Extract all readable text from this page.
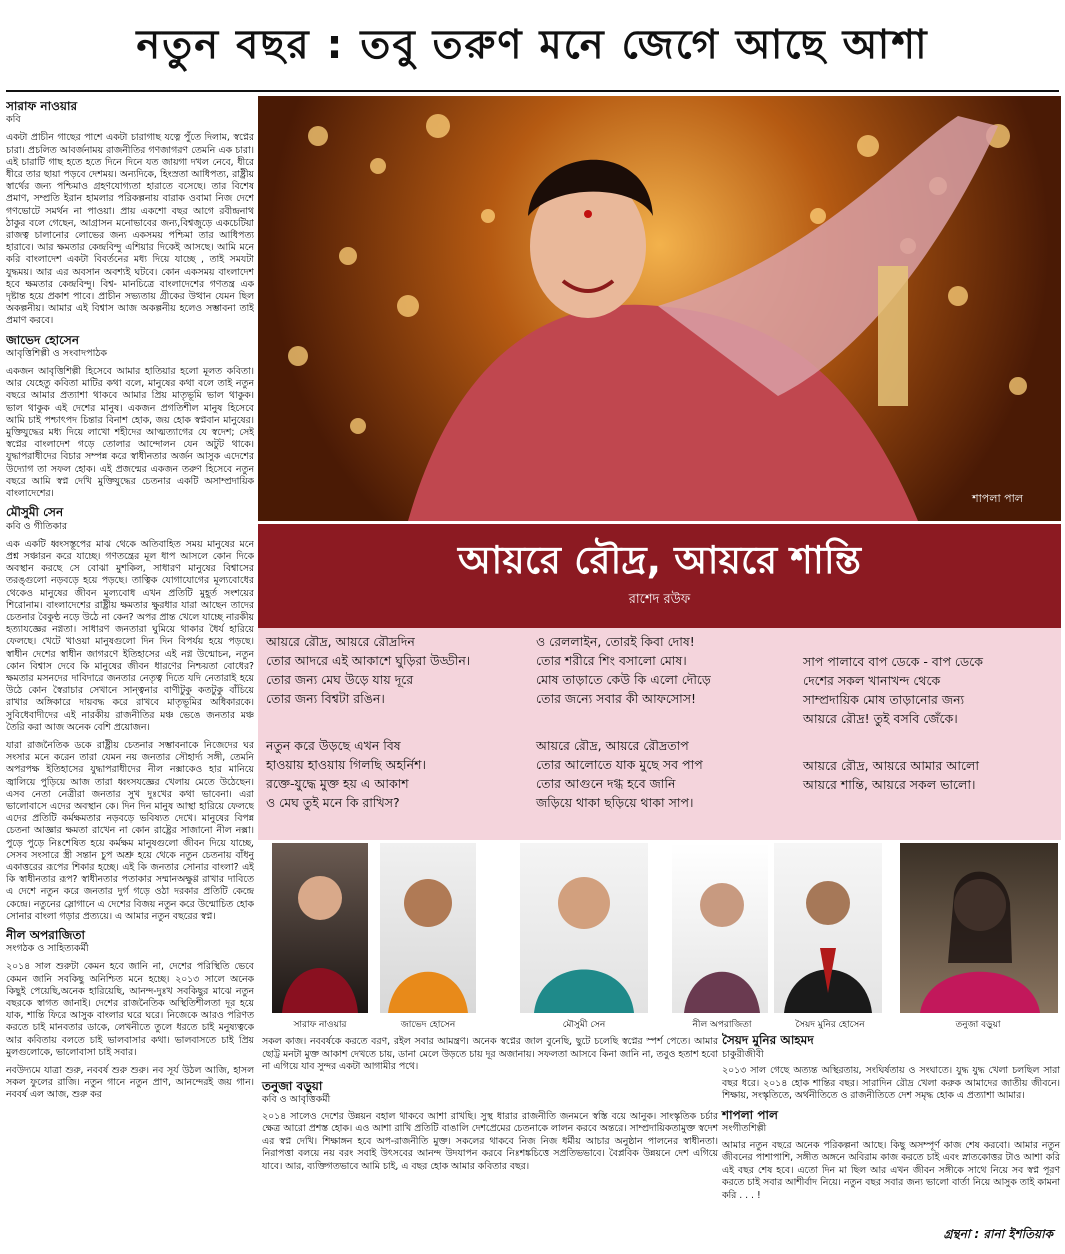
নতুন বছর : তবু তরুণ মনে জেগে আছে আশা
সারাফ নাওয়ার
কবি

একটা প্রাচীন গাছের পাশে একটা চারাগাছ যত্নে পুঁতে দিলাম, স্বপ্নের চারা। প্রচলিত আবর্জনাময় রাজনীতির গণজাগরণ তেমনি এক চারা। এই চারাটি গাছ হতে হতে দিনে দিনে যত জায়গা দখল নেবে, ধীরে ধীরে তার ছায়া পড়বে দেশময়। অন্যদিকে, হিংস্রতা আধিপত্য, রাষ্ট্রীয় স্বার্থের জন্য পশ্চিমাও গ্রহণযোগ্যতা হারাতে বসেছে। তার বিশেষ প্রমাণ, সম্প্রতি ইরান হামলার পরিকল্পনায় বারাক ওবামা নিজ দেশে গণভোটে সমর্থন না পাওয়া। প্রায় একশো বছর আগে রবীন্দ্রনাথ ঠাকুর বলে গেছেন, আগ্রাসন মনোভাবের জন্য,বিশ্বজুড়ে একচেটিয়া রাজত্ব চালানোর লোভের জন্য একসময় পশ্চিমা তার আধিপত্য হারাবে। আর ক্ষমতার কেন্দ্রবিন্দু এশিয়ার দিকেই আসছে। আমি মনে করি বাংলাদেশ একটা বিবর্তনের মধ্য দিয়ে যাচ্ছে , তাই সমযটা যুদ্ধময়। আর এর অবসান অবশ্যই ঘটবে। কোন একসময় বাংলাদেশ হবে ক্ষমতার কেন্দ্রবিন্দু। বিশ্ব- মানচিত্রে বাংলাদেশের গণতন্ত্র এক দৃষ্টান্ত হয়ে প্রকাশ পাবে। প্রাচীন সভ্যতায় গ্রীকের উত্থান যেমন ছিল অকল্পনীয়। আমার এই বিশ্বাস আজ অকল্পনীয় হলেও সম্ভাবনা তাই প্রমাণ করবে।

জাভেদ হোসেন
আবৃত্তিশিল্পী ও সংবাদপাঠক

একজন আবৃত্তিশিল্পী হিসেবে আমার হাতিয়ার হলো মূলত কবিতা। আর যেহেতু কবিতা মাটির কথা বলে, মানুষের কথা বলে তাই নতুন বছরে আমার প্রত্যাশা থাকবে আমার প্রিয় মাতৃভূমি ভাল থাকুক। ভাল থাকুক এই দেশের মানুষ। একজন প্রগতিশীল মানুষ হিসেবে আমি চাই পশ্চাৎপদ চিন্তার বিনাশ হোক, জয় হোক স্বপ্নবান মানুষের। মুক্তিযুদ্ধের মধ্য দিয়ে লাখো শহীদের আত্মত্যাগের যে স্বদেশ; সেই স্বপ্নের বাংলাদেশ গড়ে তোলার আন্দোলন যেন অটুট থাকে। যুদ্ধাপরাধীদের বিচার সম্পন্ন করে স্বাধীনতার অর্জন আসুক এদেশের উদ্যোগ তা সফল হোক। এই প্রজন্মের একজন তরুণ হিসেবে নতুন বছরে আমি স্বপ্ন দেখি মুক্তিযুদ্ধের চেতনার একটি অসাম্প্রদায়িক বাংলাদেশের।

মৌসুমী সেন
কবি ও গীতিকার

এক একটি ধ্বংসস্তূপের মাঝ থেকে অতিবাহিত সময় মানুষের মনে প্রশ্ন সঞ্চারন করে যাচ্ছে। গণতন্ত্রের মূল ধাপ আসলে কোন দিকে অবস্থান করছে সে বোঝা মুশকিল, সাধারণ মানুষের বিশ্বাসের তরঙ্গুলো নড়বড়ে হয়ে পড়ছে। তাত্বিক যোগাযোগের মূল্যবোধের থেকেও মানুষের জীবন মূল্যবোধ এখন প্রতিটি মুহূর্ত সংশয়ের শিরোনাম। বাংলাদেশের রাষ্ট্রীয় ক্ষমতার ক্ষুরধার যারা আছেন তাদের চেতনার বৈকুণ্ঠ নড়ে উঠে না কেন? অপর প্রান্ত খেলে যাচ্ছে নারকীয় হত্যাযজ্ঞের নগ্নতা। সাধারণ জনতারা ঘুমিয়ে থাকার ধৈর্য হারিয়ে ফেলছে। খেটে খাওয়া মানুষগুলো দিন দিন বিপর্যয় হয়ে পড়ছে। স্বাধীন দেশের স্বাধীন জাগরণে ইতিহাসের এই নগ্ন উন্মোচন, নতুন কোন বিশ্বাস দেবে কি মানুষের জীবন ধারণের নিশ্চয়তা বোধের? ক্ষমতার মসনদের দাবিদারে জনতার নেতৃত্ব দিতে যদি নেতারাই হয়ে উঠে কোন স্বৈরাচার সেখানে সান্ত্বনার বাণীটুকু কতটুকু বাঁচিয়ে রাখার অঙ্গিকারে দায়বদ্ধ করে রাখবে মাতৃভূমির অধিকারকে। সুবিধেবাদীদের এই নারকীয় রাজনীতির মঞ্চ ভেঙে জনতার মঞ্চ তৈরি করা আজ অনেক বেশি প্রয়োজন।

যারা রাজনৈতিক ডকে রাষ্ট্রীয় চেতনার সম্ভাবনাকে নিজেদের ঘর সংসার মনে করেন তারা যেমন নয় জনতার সৌহার্দ্য সঙ্গী, তেমনি অপরপক্ষ ইতিহাসের যুদ্ধাপরাধীদের নীল নক্সাকেও হার মানিয়ে জ্বালিয়ে পুড়িয়ে আজ তারা ধ্বংসযজ্ঞের খেলায় মেতে উঠেছেন। এসব নেতা নেত্রীরা জনতার সুখ দুঃখের কথা ভাবেনা। এরা ভালোবাসে এদের অবস্থান কে। দিন দিন মানুষ আস্থা হারিয়ে ফেলছে এদের প্রতিটি কর্মক্ষমতার নড়বড়ে ভবিষ্যত দেখে। মানুষের বিপন্ন চেতনা আজ্ঞার ক্ষমতা রাখেন না কোন রাষ্ট্রের সাজানো নীল নক্সা। পুড়ে পুড়ে নিঃশেষিত হয়ে কর্মক্ষম মানুষগুলো জীবন দিয়ে যাচ্ছে, সেসব সংসারে স্ত্রী সন্তান চুপ অশ্রু হয়ে থেকে নতুন চেতনায় বাঁধনু একাত্তরের রূপের শিকার হচ্ছে। এই কি জনতার সোনার বাংলা? এই কি স্বাধীনতার রূপ? স্বাধীনতার পতাকার সম্মানঅক্ষুণ্ণ রাখার দাবিতে এ দেশে নতুন করে জনতার দুর্গ গড়ে ওঠা দরকার প্রতিটি কেন্দ্রে কেন্দ্রে। নতুনের স্লোগানে এ দেশের বিজয় নতুন করে উন্মোচিত হোক সোনার বাংলা গড়ার প্রত্যয়ে। এ আমার নতুন বছরের স্বপ্ন।

নীল অপরাজিতা
সংগঠক ও সাহিত্যকর্মী

২০১৪ সাল শুরুটা কেমন হবে জানি না, দেশের পরিস্থিতি ভেবে কেমন জানি সবকিছু অনিশ্চিত মনে হচ্ছে। ২০১৩ সালে অনেক কিছুই পেয়েছি,অনেক হারিয়েছি, আনন্দ-দুঃখ সবকিছুর মাঝে নতুন বছরকে স্বাগত জানাই। দেশের রাজনৈতিক অস্থিতিশীলতা দূর হয়ে যাক, শান্তি ফিরে আসুক বাংলার ঘরে ঘরে। নিজেকে আরও পরিণত করতে চাই মানবতার ডাকে, লেখনীতে তুলে ধরতে চাই মনুষ্যত্বকে আর কবিতায় বলতে চাই ভালবাসার কথা। ভালবাসতে চাই প্রিয় মুলগুলোকে, ভালোবাসা চাই সবার।

নবউদ্যমে যাত্রা শুরু, নববর্ষ শুরু শুরু। নব সূর্য উঠল আজি, হাসল সকল ফুলের রাজি। নতুন গানে নতুন প্রাণ, আনন্দেরই জয় গান। নববর্ষ এল আজ, শুরু কর

শাপলা পাল
আয়রে রৌদ্র, আয়রে শান্তি
রাশেদ রউফ
আয়রে রৌদ্র, আয়রে রৌদ্রদিন
তোর আদরে এই আকাশে ঘুড়িরা উড্ডীন।
তোর জন্য মেঘ উড়ে যায় দূরে
তোর জন্য বিশ্বটা রঙিন।
নতুন করে উড়ছে এখন বিষ
হাওয়ায় হাওয়ায় গিলছি অহর্নিশ।
রক্তে-যুদ্ধে মুক্ত হয় এ আকাশ
ও মেঘ তুই মনে কি রাখিস?
ও রেললাইন, তোরই কিবা দোষ!
তোর শরীরে শিং বসালো মোষ।
মোষ তাড়াতে কেউ কি এলো দৌড়ে
তোর জন্যে সবার কী আফসোস!
আয়রে রৌদ্র, আয়রে রৌদ্রতাপ
তোর আলোতে যাক মুছে সব পাপ
তোর আগুনে দগ্ধ হবে জানি
জড়িয়ে থাকা ছড়িয়ে থাকা সাপ।
সাপ পালাবে বাপ ডেকে - বাপ ডেকে
দেশের সকল খানাখন্দ থেকে
সাম্প্রদায়িক মোষ তাড়ানোর জন্য
আয়রে রৌদ্র! তুই বসবি জেঁকে।
আয়রে রৌদ্র, আয়রে আমার আলো
আয়রে শান্তি, আয়রে সকল ভালো।
সারাফ নাওয়ার	জাভেদ হোসেন	মৌসুমী সেন	নীল অপরাজিতা	সৈয়দ মুনির হোসেন	তনুজা বড়ুয়া

সকল কাজ। নববর্ষকে করতে বরণ, রইল সবার আমন্ত্রণ। অনেক স্বপ্নের জাল বুনেছি, ছুটে চলেছি স্বপ্নের স্পর্শ পেতে। আমার ছোট্ট মনটা মুক্ত আকাশ দেখতে চায়, ডানা মেলে উড়তে চায় দূর অজানায়। সফলতা আসবে কিনা জানি না, তবুও হতাশ হবো না এগিয়ে যাব সুন্দর একটা আগামীর পথে।

তনুজা বড়ুয়া
কবি ও আবৃত্তিকর্মী

২০১৪ সালেও দেশের উন্নয়ন বহাল থাকবে আশা রাখছি। সুস্থ ধারার রাজনীতি জনমনে স্বস্তি বয়ে আনুক। সাংস্কৃতিক চর্চার ক্ষেত্র আরো প্রশস্ত হোক। এও আশা রাখি প্রতিটি বাঙালি দেশপ্রেমের চেতনাকে লালন করবে অন্তরে। সাম্প্রদায়িকতামুক্ত স্বদেশ এর স্বপ্ন দেখি। শিক্ষাঙ্গন হবে অপ-রাজনীতি মুক্ত। সকলের থাকবে নিজ নিজ ধর্মীয় আচার অনুষ্ঠান পালনের স্বাধীনতা। নিরাপত্তা বলয়ে নয় বরং সবাই উৎসবের আনন্দ উদযাপন করবে নিঃশঙ্কচিত্তে সপ্রতিভভাবে। বৈপ্লবিক উন্নয়নে দেশ এগিয়ে যাবে। আর, ব্যক্তিগতভাবে আমি চাই, এ বছর হোক আমার কবিতার বছর।

সৈয়দ মুনির আহমদ
চাকুরীজীবী

২০১৩ সাল গেছে অত্যন্ত অস্থিরতায়, সংঘির্ষতায় ও সংঘাতে। যুদ্ধ যুদ্ধ খেলা চলছিল সারা বছর ধরে। ২০১৪ হোক শান্তির বছর। সারাদিন রৌদ্র খেলা করুক আমাদের জাতীয় জীবনে। শিক্ষায়, সংস্কৃতিতে, অর্থনীতিতে ও রাজনীতিতে দেশ সমৃদ্ধ হোক এ প্রত্যাশা আমার।

শাপলা পাল
সংগীতশিল্পী

আমার নতুন বছরে অনেক পরিকল্পনা আছে। কিছু অসম্পূর্ণ কাজ শেষ করবো। আমার নতুন জীবনের পাশাপাশি, সঙ্গীত অঙ্গনে অবিরাম কাজ করতে চাই এবং স্নাতকোত্তর টাও আশা করি এই বছর শেষ হবে। এতো দিন মা ছিল আর এখন জীবন সঙ্গীকে সাথে নিয়ে সব স্বপ্ন পূরণ করতে চাই সবার আশীর্বাদ নিয়ে। নতুন বছর সবার জন্য ভালো বার্তা নিয়ে আসুক তাই কামনা করি . . . !

গ্রন্থনা : রানা ইশতিয়াক
